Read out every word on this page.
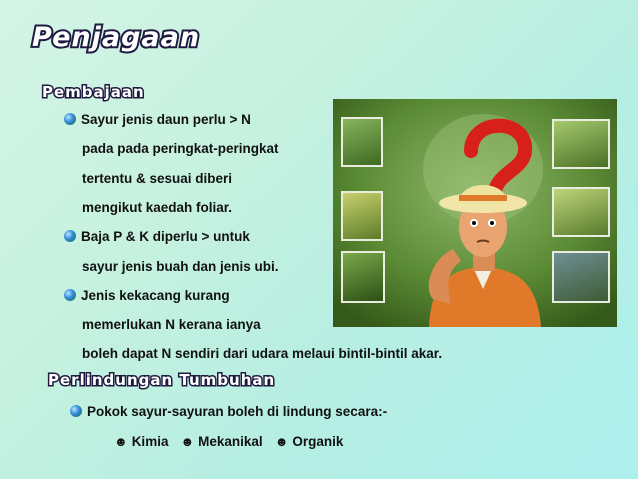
Penjagaan
Pembajaan
Sayur jenis daun perlu > N
pada pada peringkat-peringkat
tertentu & sesuai diberi
mengikut kaedah foliar.
Baja P & K diperlu > untuk
sayur jenis buah dan jenis ubi.
Jenis kekacang kurang
memerlukan N kerana ianya
boleh dapat N sendiri dari udara melaui bintil-bintil akar.
Perlindungan Tumbuhan
Pokok sayur-sayuran boleh di lindung secara:-
☻ Kimia ☻ Mekanikal ☻ Organik
